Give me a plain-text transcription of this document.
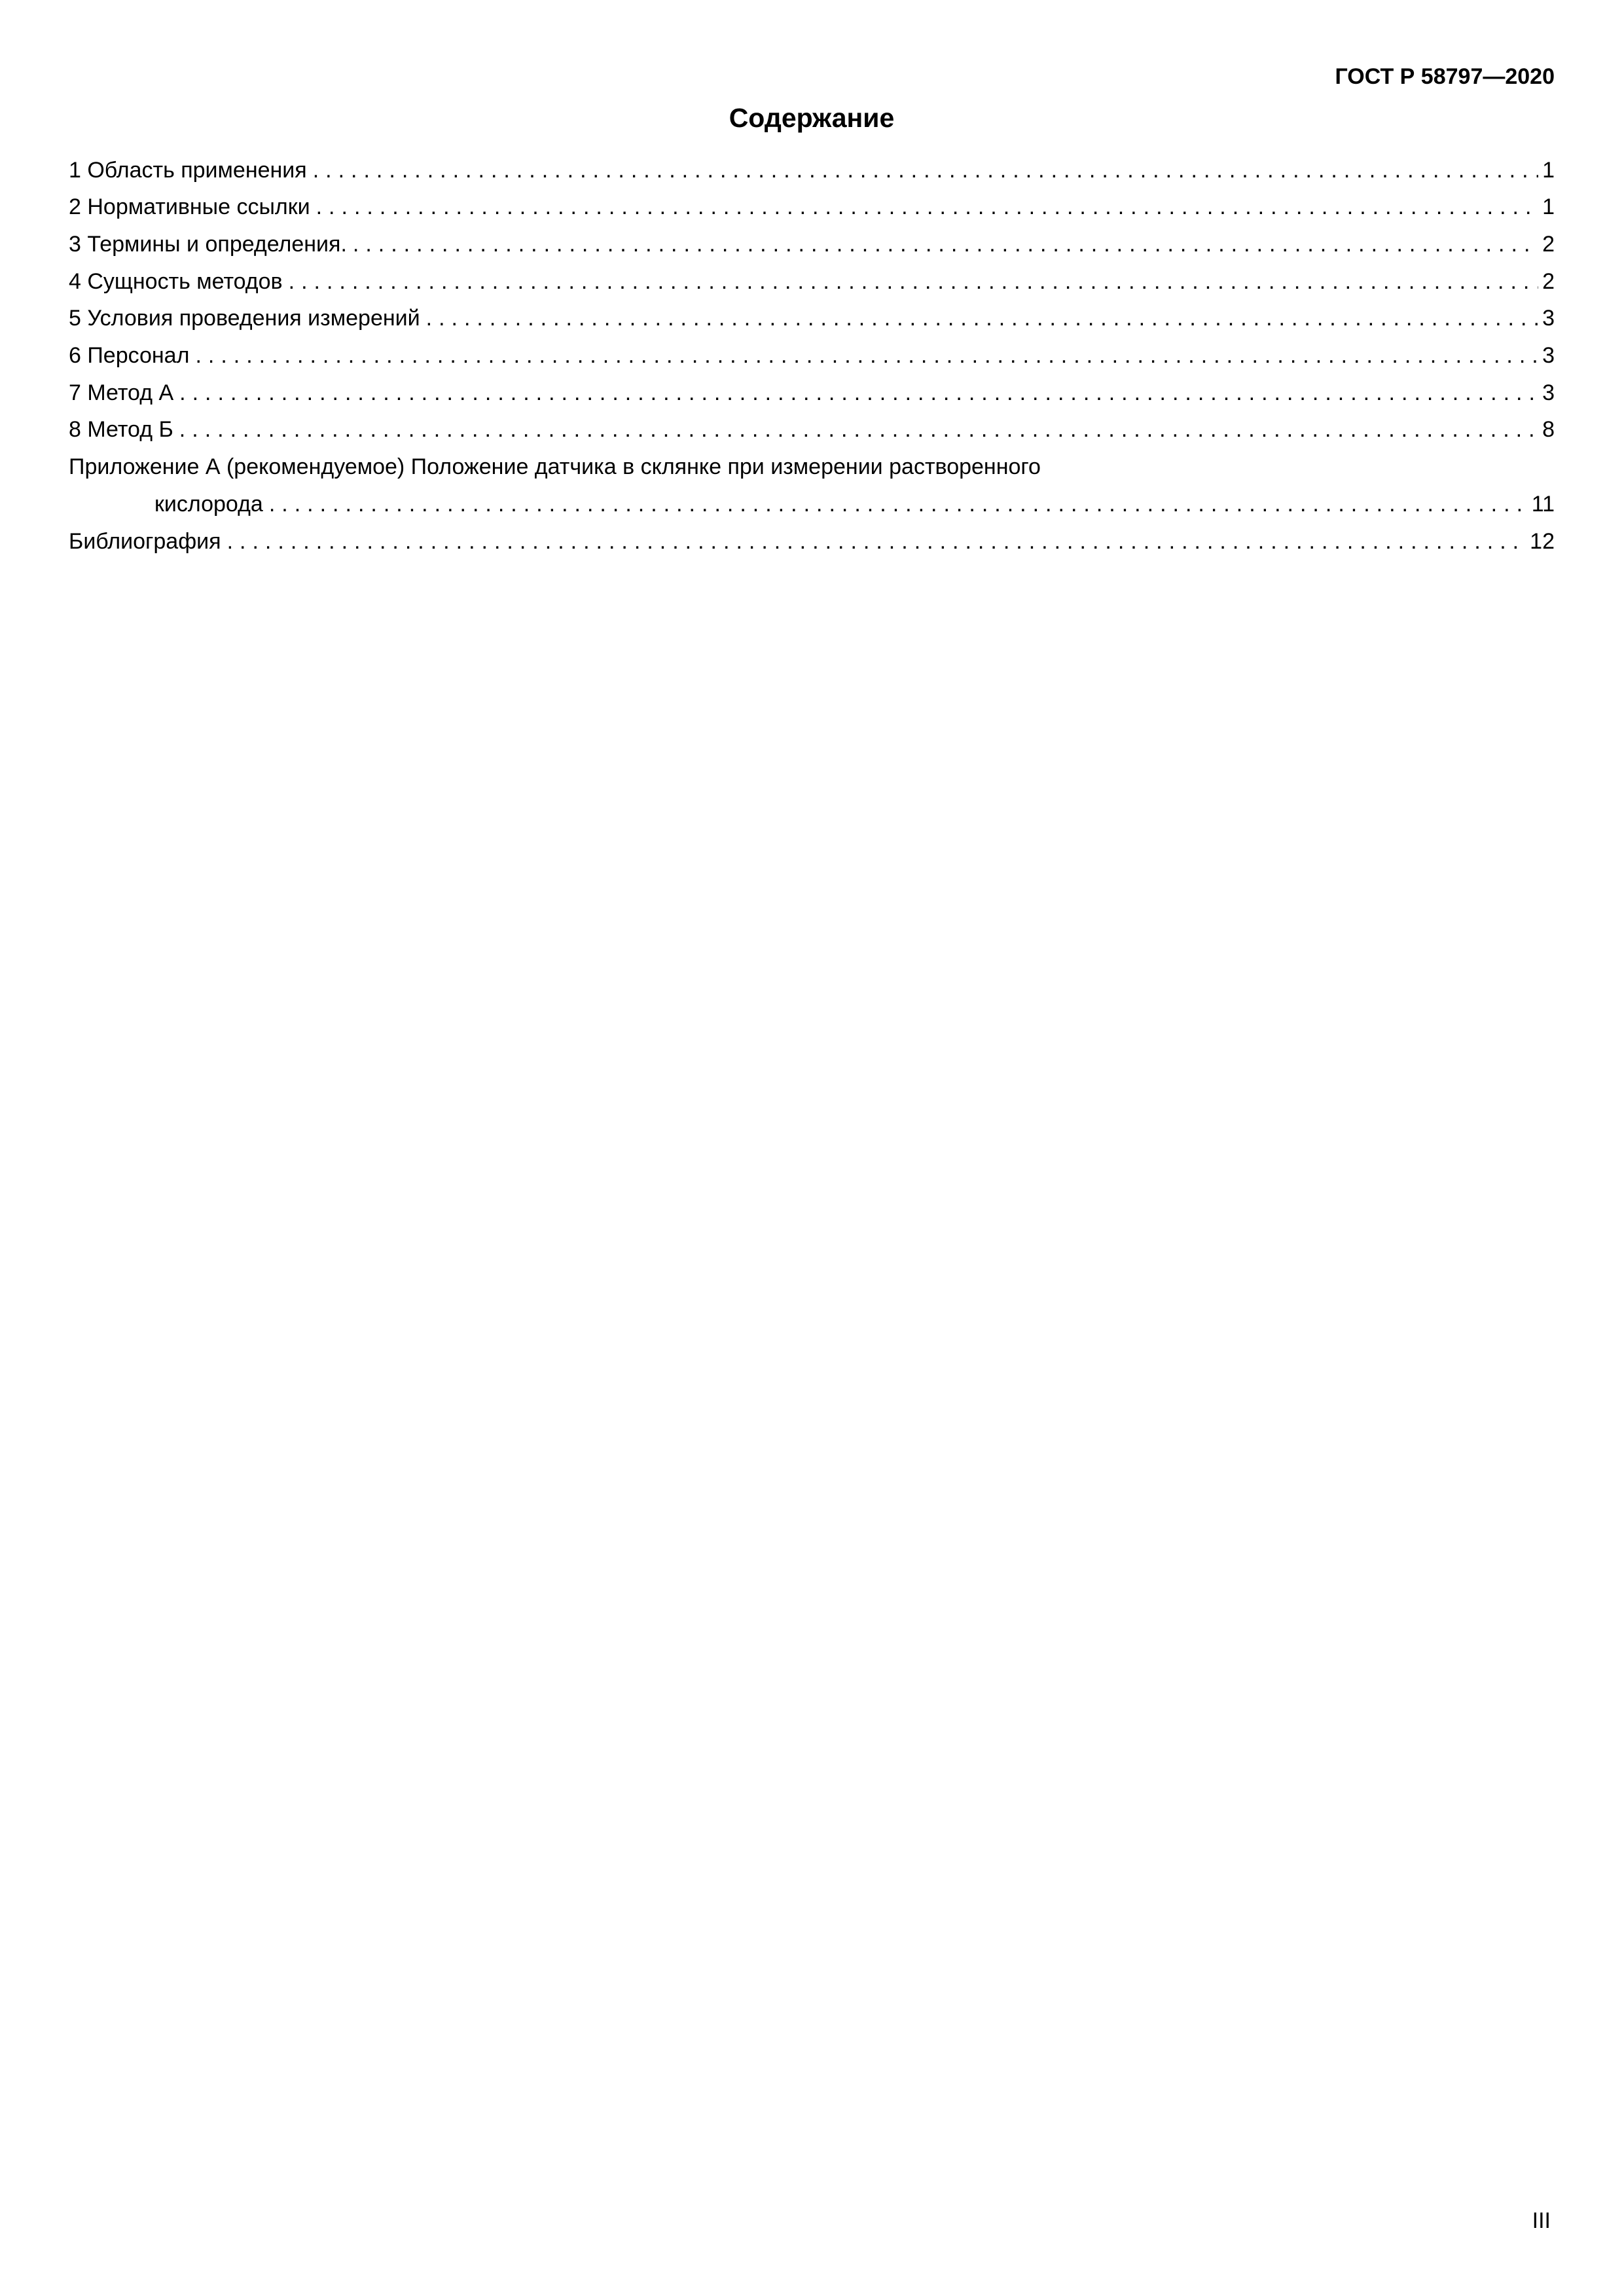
ГОСТ Р 58797—2020
Содержание
1 Область применения .....	1
2 Нормативные ссылки .....	1
3 Термины и определения. .....	2
4 Сущность методов .....	2
5 Условия проведения измерений .....	3
6 Персонал .....	3
7 Метод А .....	3
8 Метод Б .....	8
Приложение А (рекомендуемое) Положение датчика в склянке при измерении растворенного
кислорода .....	11
Библиография .....	12
III
